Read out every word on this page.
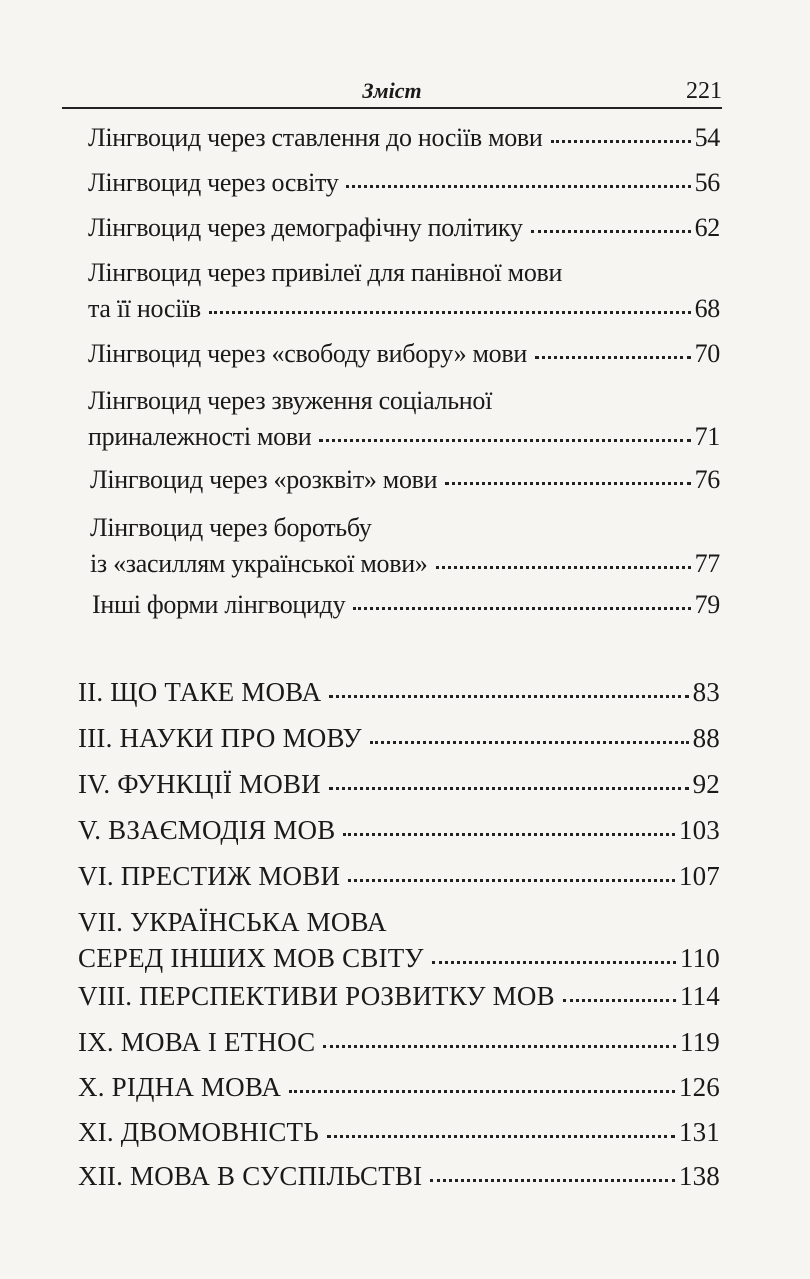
Зміст	221
Лінгвоцид через ставлення до носіїв мови	54
Лінгвоцид через освіту	56
Лінгвоцид через демографічну політику	62
Лінгвоцид через привілеї для панівної мови
та її носіїв	68
Лінгвоцид через «свободу вибору» мови	70
Лінгвоцид через звуження соціальної
приналежності мови	71
Лінгвоцид через «розквіт» мови	76
Лінгвоцид через боротьбу
із «засиллям української мови»	77
Інші форми лінгвоциду	79
II. ЩО ТАКЕ МОВА	83
III. НАУКИ ПРО МОВУ	88
IV. ФУНКЦІЇ МОВИ	92
V. ВЗАЄМОДІЯ МОВ	103
VI. ПРЕСТИЖ МОВИ	107
VII. УКРАЇНСЬКА МОВА
СЕРЕД ІНШИХ МОВ СВІТУ	110
VIII. ПЕРСПЕКТИВИ РОЗВИТКУ МОВ	114
IX. МОВА І ЕТНОС	119
X. РІДНА МОВА	126
XI. ДВОМОВНІСТЬ	131
XII. МОВА В СУСПІЛЬСТВІ	138
